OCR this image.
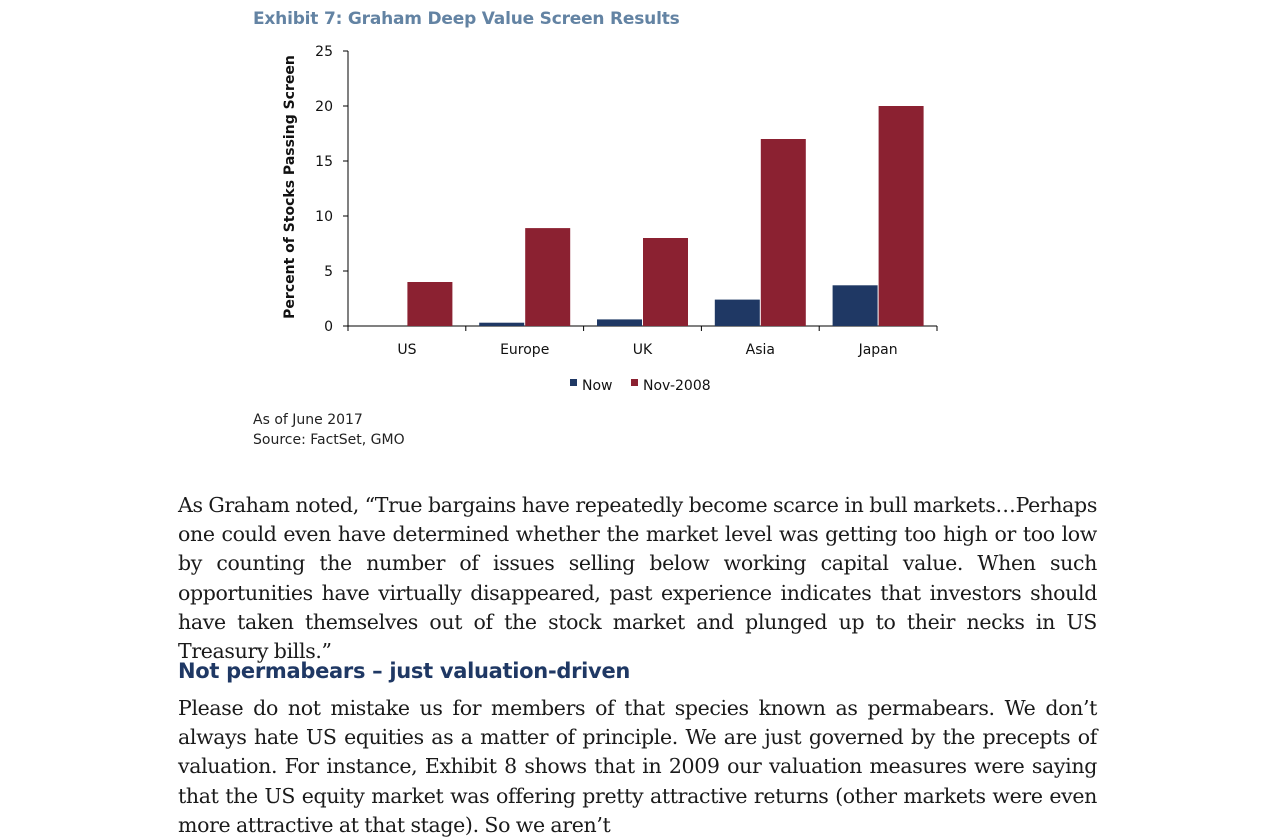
Exhibit 7: Graham Deep Value Screen Results
0
5
10
15
20
25
US	Europe	UK	Asia	Japan
Now Nov-2008
Percent of Stocks Passing Screen
As of June 2017
Source: FactSet, GMO

As Graham noted, “True bargains have repeatedly become scarce in bull markets…Perhaps one could even have determined whether the market level was getting too high or too low by counting the number of issues selling below working capital value. When such opportunities have virtually disappeared, past experience indicates that investors should have taken themselves out of the stock market and plunged up to their necks in US Treasury bills.”

Not permabears – just valuation-driven

Please do not mistake us for members of that species known as permabears. We don’t always hate US equities as a matter of principle. We are just governed by the precepts of valuation. For instance, Exhibit 8 shows that in 2009 our valuation measures were saying that the US equity market was offering pretty attractive returns (other markets were even more attractive at that stage). So we aren’t
